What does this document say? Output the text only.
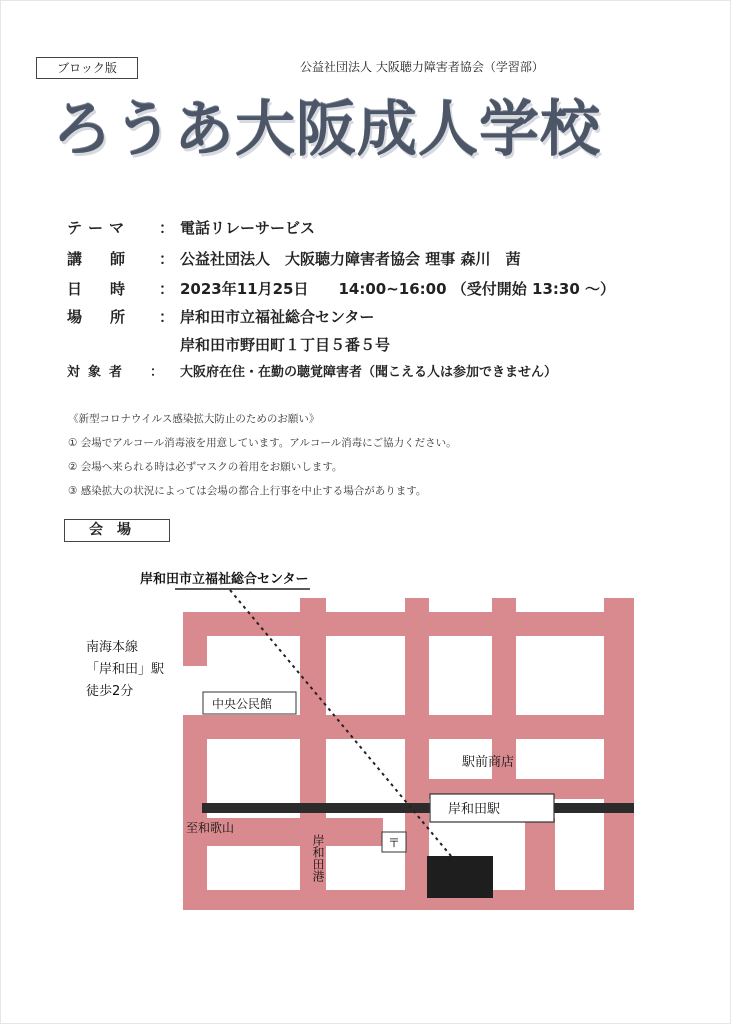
ブロック版	公益社団法人 大阪聴力障害者協会（学習部）
ろうあ大阪成人学校
テーマ ： 電話リレーサービス
講師 ： 公益社団法人　大阪聴力障害者協会 理事 森川　茜
日時 ： 2023年11月25日　　14:00~16:00 （受付開始 13:30 ～）
場所 ： 岸和田市立福祉総合センター
岸和田市野田町１丁目５番５号
対象者 ： 大阪府在住・在勤の聴覚障害者（聞こえる人は参加できません）
《新型コロナウイルス感染拡大防止のためのお願い》
① 会場でアルコール消毒液を用意しています。アルコール消毒にご協力ください。
② 会場へ来られる時は必ずマスクの着用をお願いします。
③ 感染拡大の状況によっては会場の都合上行事を中止する場合があります。
会場
岸和田市立福祉総合センター
南海本線
「岸和田」駅
徒歩2分
中央公民館
駅前商店
岸和田駅
至和歌山
〒
岸和田港
